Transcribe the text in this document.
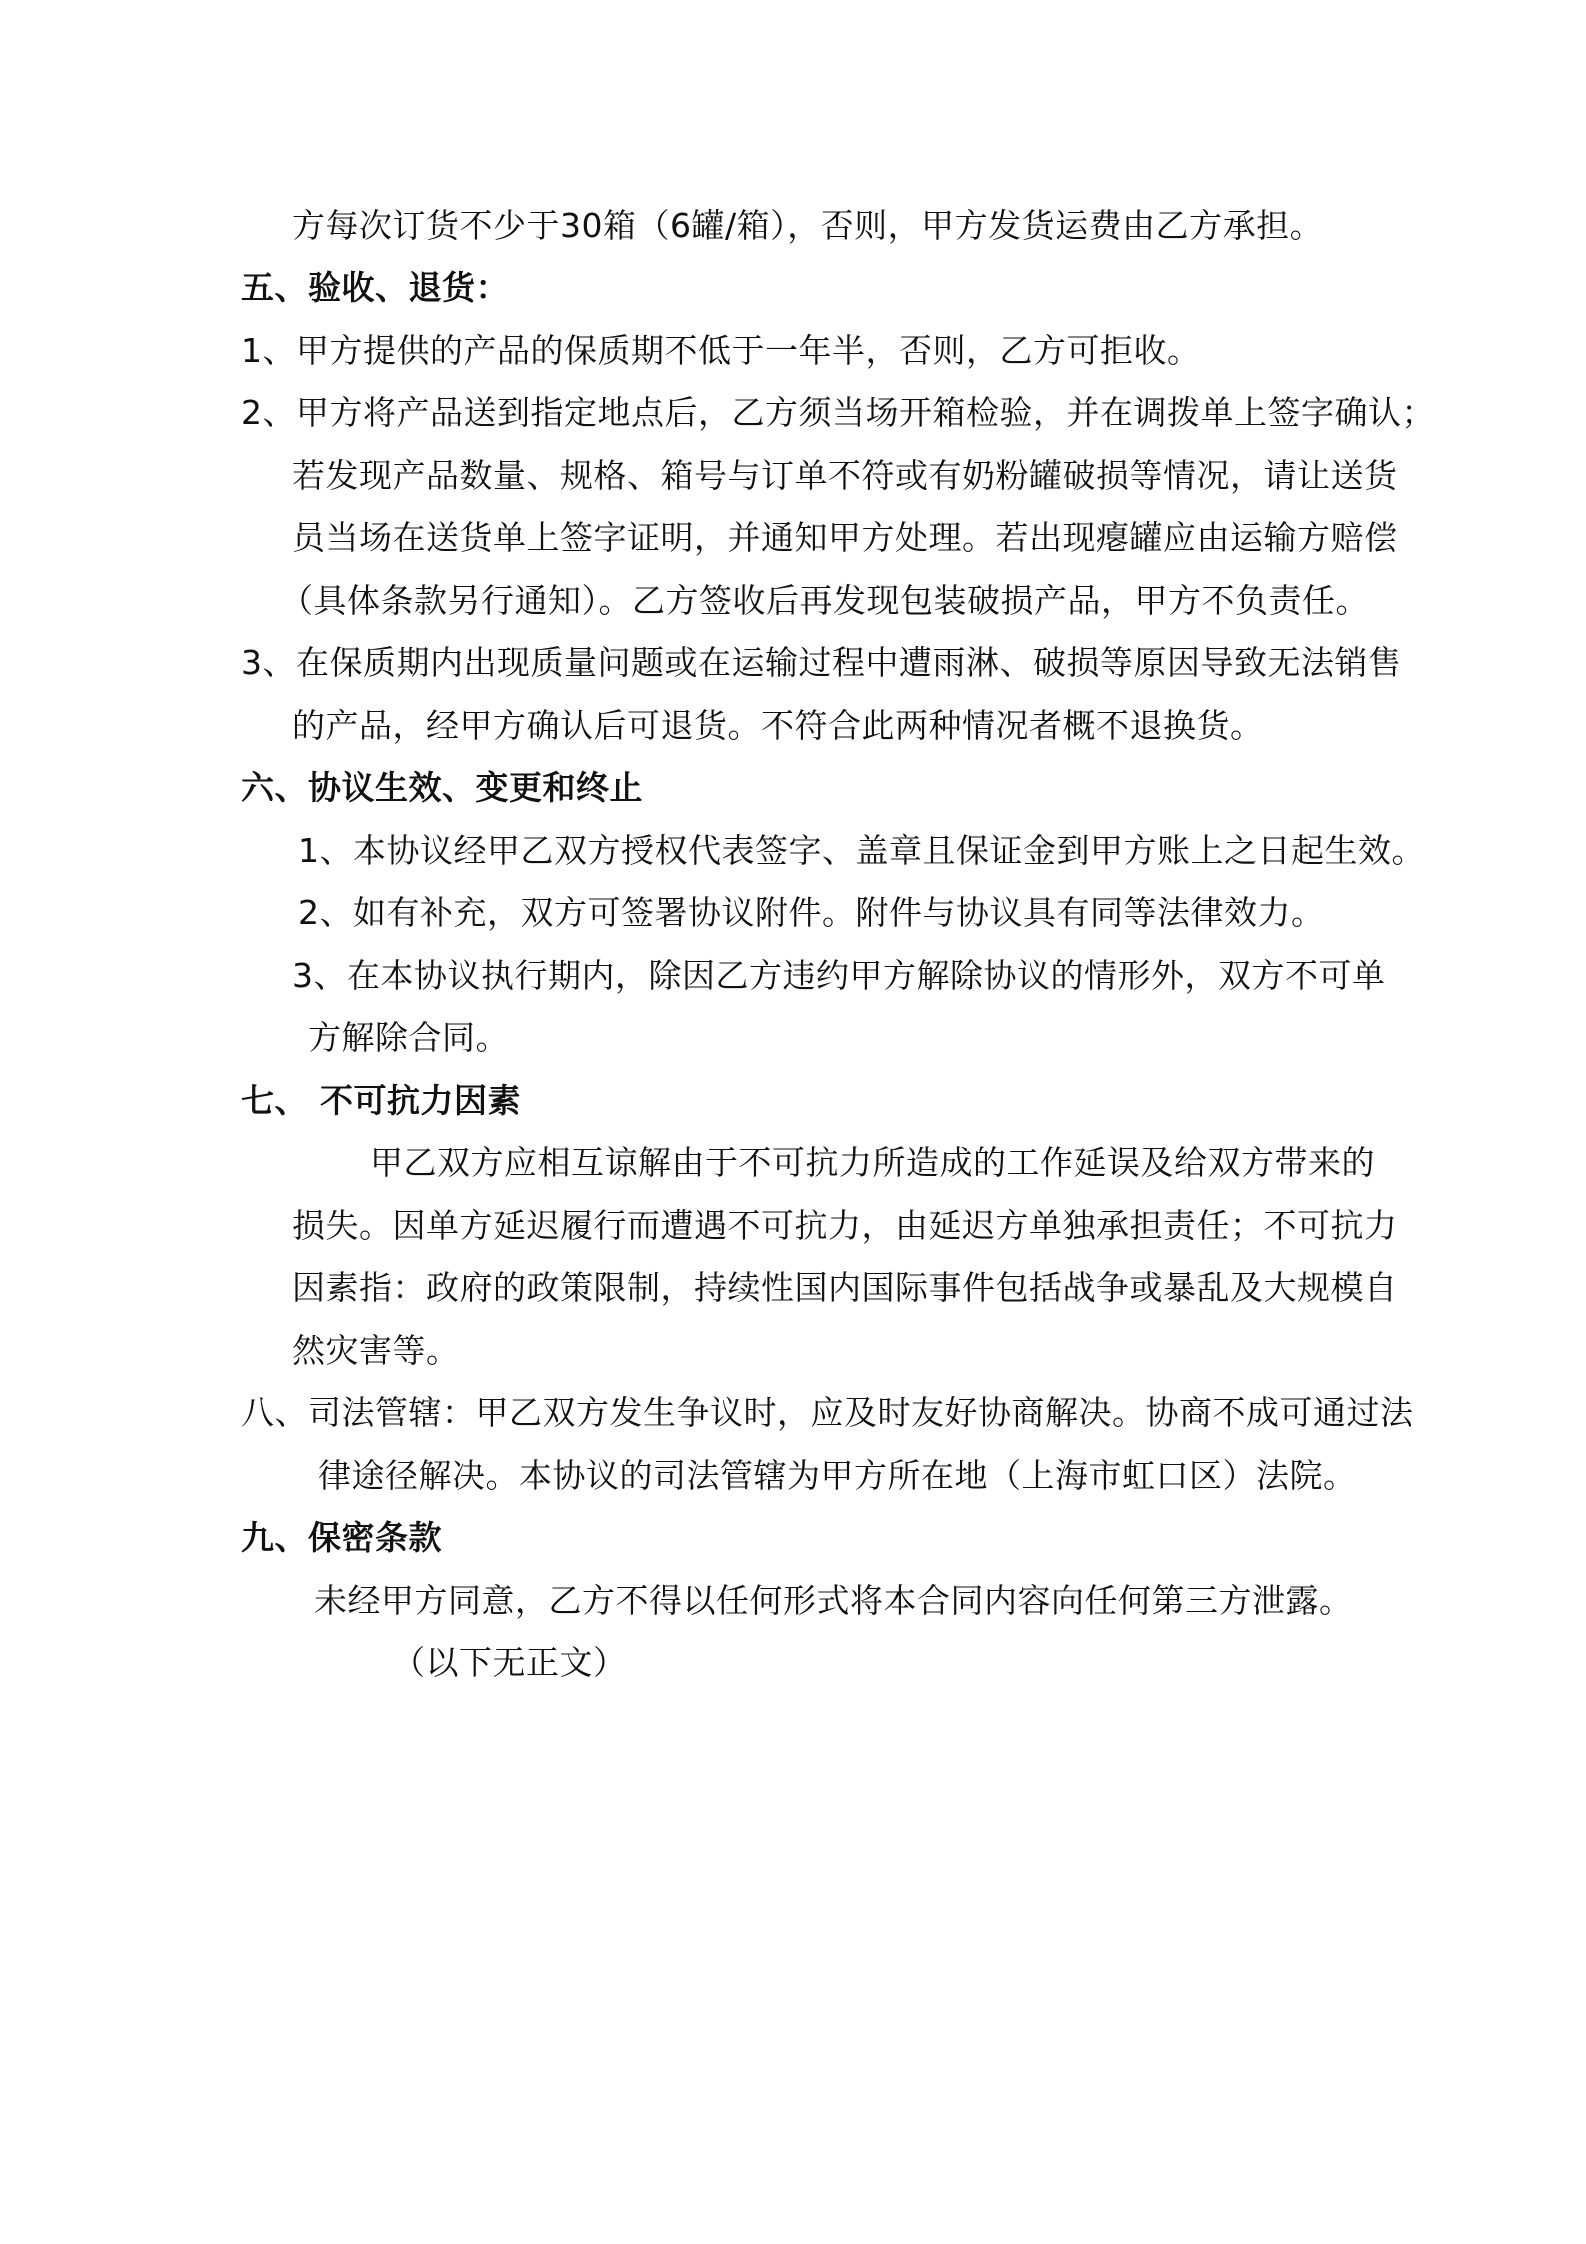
方每次订货不少于30箱（6罐/箱），否则，甲方发货运费由乙方承担。
五、验收、退货：
1、甲方提供的产品的保质期不低于一年半，否则，乙方可拒收。
2、甲方将产品送到指定地点后，乙方须当场开箱检验，并在调拨单上签字确认；
若发现产品数量、规格、箱号与订单不符或有奶粉罐破损等情况，请让送货
员当场在送货单上签字证明，并通知甲方处理。若出现瘪罐应由运输方赔偿
（具体条款另行通知）。乙方签收后再发现包装破损产品，甲方不负责任。
3、在保质期内出现质量问题或在运输过程中遭雨淋、破损等原因导致无法销售
的产品，经甲方确认后可退货。不符合此两种情况者概不退换货。
六、协议生效、变更和终止
1、本协议经甲乙双方授权代表签字、盖章且保证金到甲方账上之日起生效。
2、如有补充，双方可签署协议附件。附件与协议具有同等法律效力。
3、在本协议执行期内，除因乙方违约甲方解除协议的情形外，双方不可单
方解除合同。
七、 不可抗力因素
甲乙双方应相互谅解由于不可抗力所造成的工作延误及给双方带来的
损失。因单方延迟履行而遭遇不可抗力，由延迟方单独承担责任；不可抗力
因素指：政府的政策限制，持续性国内国际事件包括战争或暴乱及大规模自
然灾害等。
八、司法管辖：甲乙双方发生争议时，应及时友好协商解决。协商不成可通过法
律途径解决。本协议的司法管辖为甲方所在地（上海市虹口区）法院。
九、保密条款
未经甲方同意，乙方不得以任何形式将本合同内容向任何第三方泄露。
（以下无正文）
